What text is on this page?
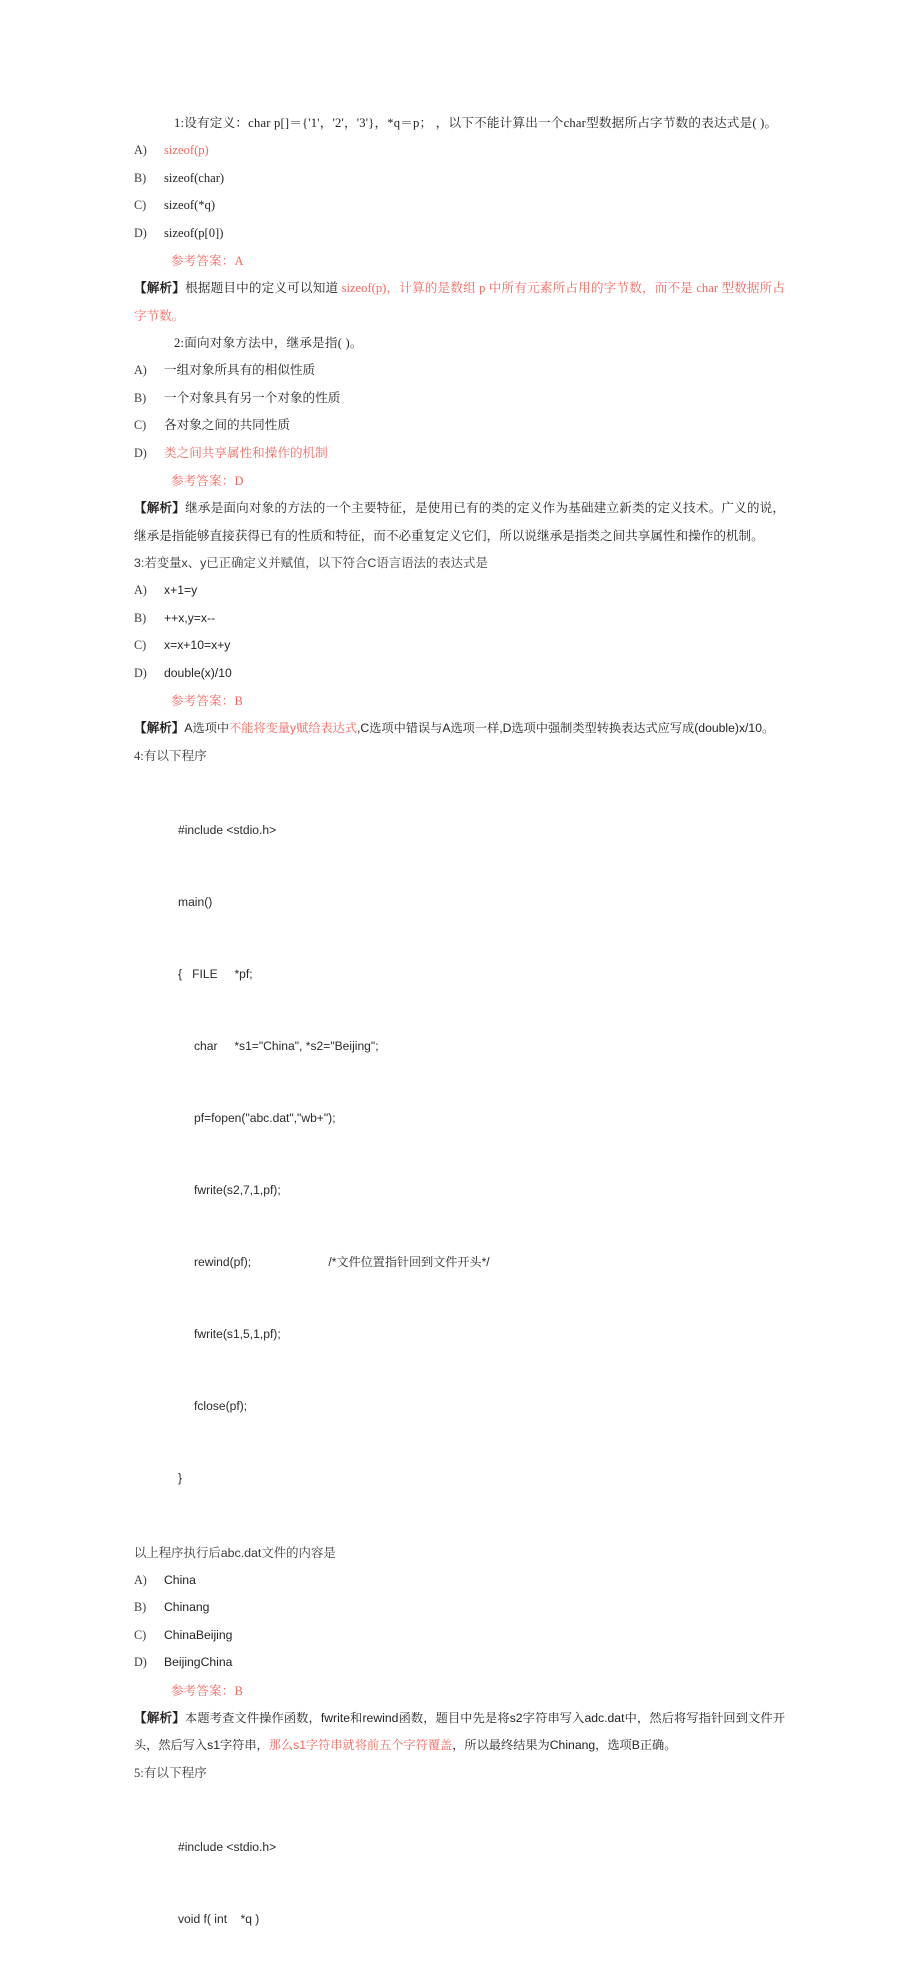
1:设有定义：char p[]＝{'1'，'2'，'3'}，*q＝p； ，以下不能计算出一个char型数据所占字节数的表达式是( )。
A)	sizeof(p)
B)	sizeof(char)
C)	sizeof(*q)
D)	sizeof(p[0])
参考答案：A
【解析】根据题目中的定义可以知道 sizeof(p)，计算的是数组 p 中所有元素所占用的字节数，而不是 char 型数据所占字节数。
2:面向对象方法中，继承是指( )。
A)	一组对象所具有的相似性质
B)	一个对象具有另一个对象的性质
C)	各对象之间的共同性质
D)	类之间共享属性和操作的机制
参考答案：D
【解析】继承是面向对象的方法的一个主要特征，是使用已有的类的定义作为基础建立新类的定义技术。广义的说，继承是指能够直接获得已有的性质和特征，而不必重复定义它们，所以说继承是指类之间共享属性和操作的机制。
3:若变量x、y已正确定义并赋值，以下符合C语言语法的表达式是
A)	x+1=y
B)	++x,y=x--
C)	x=x+10=x+y
D)	double(x)/10
参考答案：B
【解析】A选项中不能将变量y赋给表达式,C选项中错误与A选项一样,D选项中强制类型转换表达式应写成(double)x/10。
4:有以下程序

#include <stdio.h>

main()

{   FILE     *pf;

char     *s1="China", *s2="Beijing";

pf=fopen("abc.dat","wb+");

fwrite(s2,7,1,pf);

rewind(pf);                       /*文件位置指针回到文件开头*/

fwrite(s1,5,1,pf);

fclose(pf);

}

以上程序执行后abc.dat文件的内容是
A)	China
B)	Chinang
C)	ChinaBeijing
D)	BeijingChina
参考答案：B
【解析】本题考查文件操作函数，fwrite和rewind函数，题目中先是将s2字符串写入adc.dat中，然后将写指针回到文件开头，然后写入s1字符串，那么s1字符串就将前五个字符覆盖，所以最终结果为Chinang，选项B正确。
5:有以下程序

#include <stdio.h>

void f( int    *q )
